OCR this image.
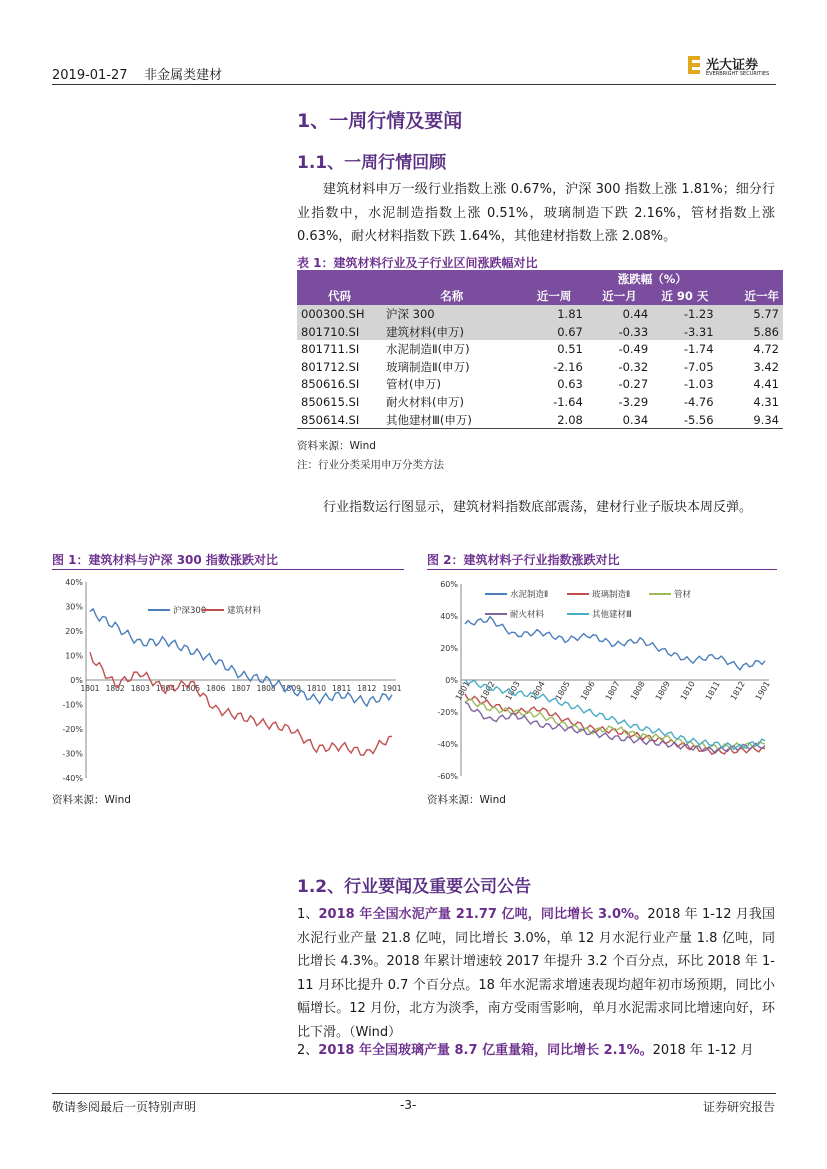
2019-01-27 非金属类建材
光大证券
EVERBRIGHT SECURITIES
1、一周行情及要闻
1.1、一周行情回顾

建筑材料申万一级行业指数上涨 0.67%，沪深 300 指数上涨 1.81%；细分行业指数中，水泥制造指数上涨 0.51%，玻璃制造下跌 2.16%，管材指数上涨 0.63%，耐火材料指数下跌 1.64%，其他建材指数上涨 2.08%。

表 1：建筑材料行业及子行业区间涨跌幅对比
		涨跌幅（%）			
代码	名称	近一周	近一月	近 90 天	近一年
000300.SH	沪深 300	1.81	0.44	-1.23	5.77
801710.SI	建筑材料(申万)	0.67	-0.33	-3.31	5.86
801711.SI	水泥制造Ⅱ(申万)	0.51	-0.49	-1.74	4.72
801712.SI	玻璃制造Ⅱ(申万)	-2.16	-0.32	-7.05	3.42
850616.SI	管材(申万)	0.63	-0.27	-1.03	4.41
850615.SI	耐火材料(申万)	-1.64	-3.29	-4.76	4.31
850614.SI	其他建材Ⅲ(申万)	2.08	0.34	-5.56	9.34
资料来源：Wind
注：行业分类采用申万分类方法

行业指数运行图显示，建筑材料指数底部震荡，建材行业子版块本周反弹。

图 1：建筑材料与沪深 300 指数涨跌对比
40%
30%
20%
10%
0%
-10%
-20%
-30%
-40%
1801 1802 1803 1804 1805 1806 1807 1808 1809 1810 1811 1812 1901
沪深300 建筑材料
资料来源：Wind
图 2：建筑材料子行业指数涨跌对比
60%
40%
20%
0%
-20%
-40%
-60%
1801 1802 1803 1804 1805 1806 1807 1808 1809 1810 1811 1812 1901
水泥制造Ⅱ	玻璃制造Ⅱ	管材
耐火材料	其他建材Ⅲ
资料来源：Wind
1.2、行业要闻及重要公司公告

1、2018 年全国水泥产量 21.77 亿吨，同比增长 3.0%。2018 年 1-12 月我国水泥行业产量 21.8 亿吨，同比增长 3.0%，单 12 月水泥行业产量 1.8 亿吨，同比增长 4.3%。2018 年累计增速较 2017 年提升 3.2 个百分点，环比 2018 年 1-11 月环比提升 0.7 个百分点。18 年水泥需求增速表现均超年初市场预期，同比小幅增长。12 月份，北方为淡季，南方受雨雪影响，单月水泥需求同比增速向好，环比下滑。（Wind）

2、2018 年全国玻璃产量 8.7 亿重量箱，同比增长 2.1%。2018 年 1-12 月

敬请参阅最后一页特别声明	-3-	证券研究报告
